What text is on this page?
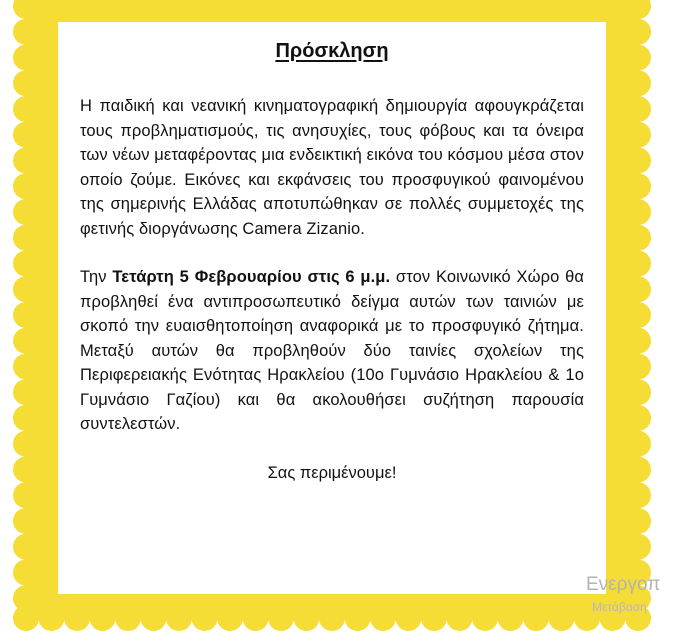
Πρόσκληση

Η παιδική και νεανική κινηματογραφική δημιουργία αφουγκράζεται τους προβληματισμούς, τις ανησυχίες, τους φόβους και τα όνειρα των νέων μεταφέροντας μια ενδεικτική εικόνα του κόσμου μέσα στον οποίο ζούμε. Εικόνες και εκφάνσεις του προσφυγικού φαινομένου της σημερινής Ελλάδας αποτυπώθηκαν σε πολλές συμμετοχές της φετινής διοργάνωσης Camera Zizanio.

Την Τετάρτη 5 Φεβρουαρίου στις 6 μ.μ. στον Κοινωνικό Χώρο θα προβληθεί ένα αντιπροσωπευτικό δείγμα αυτών των ταινιών με σκοπό την ευαισθητοποίηση αναφορικά με το προσφυγικό ζήτημα. Μεταξύ αυτών θα προβληθούν δύο ταινίες σχολείων της Περιφερειακής Ενότητας Ηρακλείου (10ο Γυμνάσιο Ηρακλείου & 1ο Γυμνάσιο Γαζίου) και θα ακολουθήσει συζήτηση παρουσία συντελεστών.

Σας περιμένουμε!

Ενεργοπ
Μετάβαση
